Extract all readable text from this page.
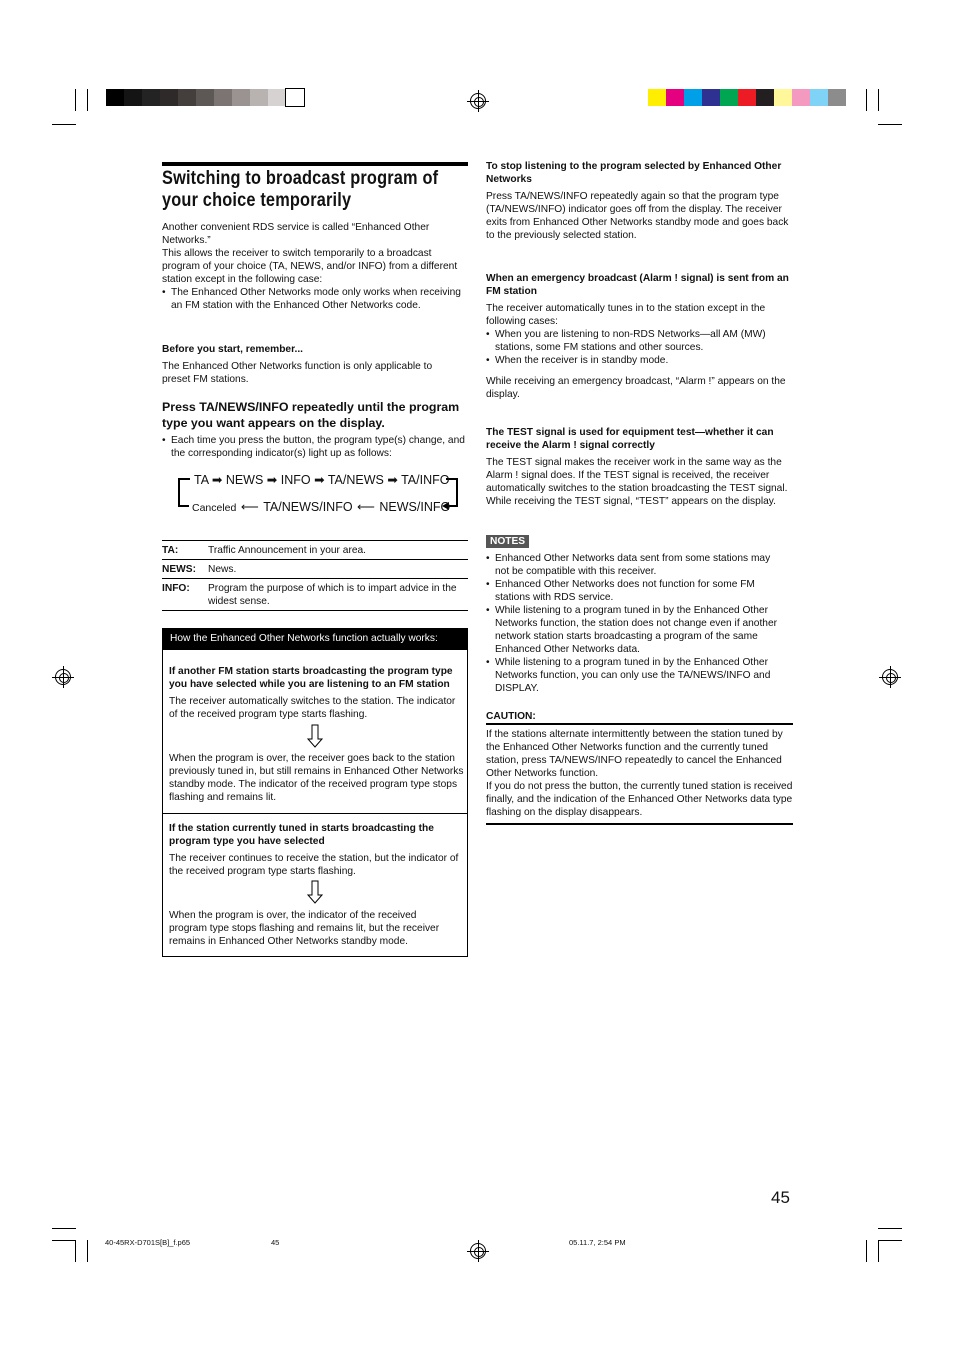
Switching to broadcast program of
your choice temporarily
Another convenient RDS service is called “Enhanced Other Networks.”
This allows the receiver to switch temporarily to a broadcast program of your choice (TA, NEWS, and/or INFO) from a different station except in the following case:
• The Enhanced Other Networks mode only works when receiving an FM station with the Enhanced Other Networks code.
Before you start, remember...
The Enhanced Other Networks function is only applicable to preset FM stations.
Press TA/NEWS/INFO repeatedly until the program type you want appears on the display.
• Each time you press the button, the program type(s) change, and the corresponding indicator(s) light up as follows:
TA ➡ NEWS ➡ INFO ➡ TA/NEWS ➡ TA/INFO
Canceled ⟵ TA/NEWS/INFO ⟵ NEWS/INFO
TA:	Traffic Announcement in your area.
NEWS:	News.
INFO:	Program the purpose of which is to impart advice in the widest sense.
How the Enhanced Other Networks function actually works:
If another FM station starts broadcasting the program type you have selected while you are listening to an FM station
The receiver automatically switches to the station. The indicator of the received program type starts flashing.
When the program is over, the receiver goes back to the station previously tuned in, but still remains in Enhanced Other Networks standby mode. The indicator of the received program type stops flashing and remains lit.
If the station currently tuned in starts broadcasting the program type you have selected
The receiver continues to receive the station, but the indicator of the received program type starts flashing.
When the program is over, the indicator of the received program type stops flashing and remains lit, but the receiver remains in Enhanced Other Networks standby mode.
To stop listening to the program selected by Enhanced Other Networks
Press TA/NEWS/INFO repeatedly again so that the program type (TA/NEWS/INFO) indicator goes off from the display. The receiver exits from Enhanced Other Networks standby mode and goes back to the previously selected station.
When an emergency broadcast (Alarm ! signal) is sent from an FM station
The receiver automatically tunes in to the station except in the following cases:
• When you are listening to non-RDS Networks—all AM (MW) stations, some FM stations and other sources.
• When the receiver is in standby mode.
While receiving an emergency broadcast, “Alarm !” appears on the display.
The TEST signal is used for equipment test—whether it can receive the Alarm ! signal correctly
The TEST signal makes the receiver work in the same way as the Alarm ! signal does. If the TEST signal is received, the receiver automatically switches to the station broadcasting the TEST signal.
While receiving the TEST signal, “TEST” appears on the display.
NOTES
• Enhanced Other Networks data sent from some stations may not be compatible with this receiver.
• Enhanced Other Networks does not function for some FM stations with RDS service.
• While listening to a program tuned in by the Enhanced Other Networks function, the station does not change even if another network station starts broadcasting a program of the same Enhanced Other Networks data.
• While listening to a program tuned in by the Enhanced Other Networks function, you can only use the TA/NEWS/INFO and DISPLAY.
CAUTION:
If the stations alternate intermittently between the station tuned by the Enhanced Other Networks function and the currently tuned station, press TA/NEWS/INFO repeatedly to cancel the Enhanced Other Networks function.
If you do not press the button, the currently tuned station is received finally, and the indication of the Enhanced Other Networks data type flashing on the display disappears.
45
40-45RX-D701S[B]_f.p65	45	05.11.7, 2:54 PM
